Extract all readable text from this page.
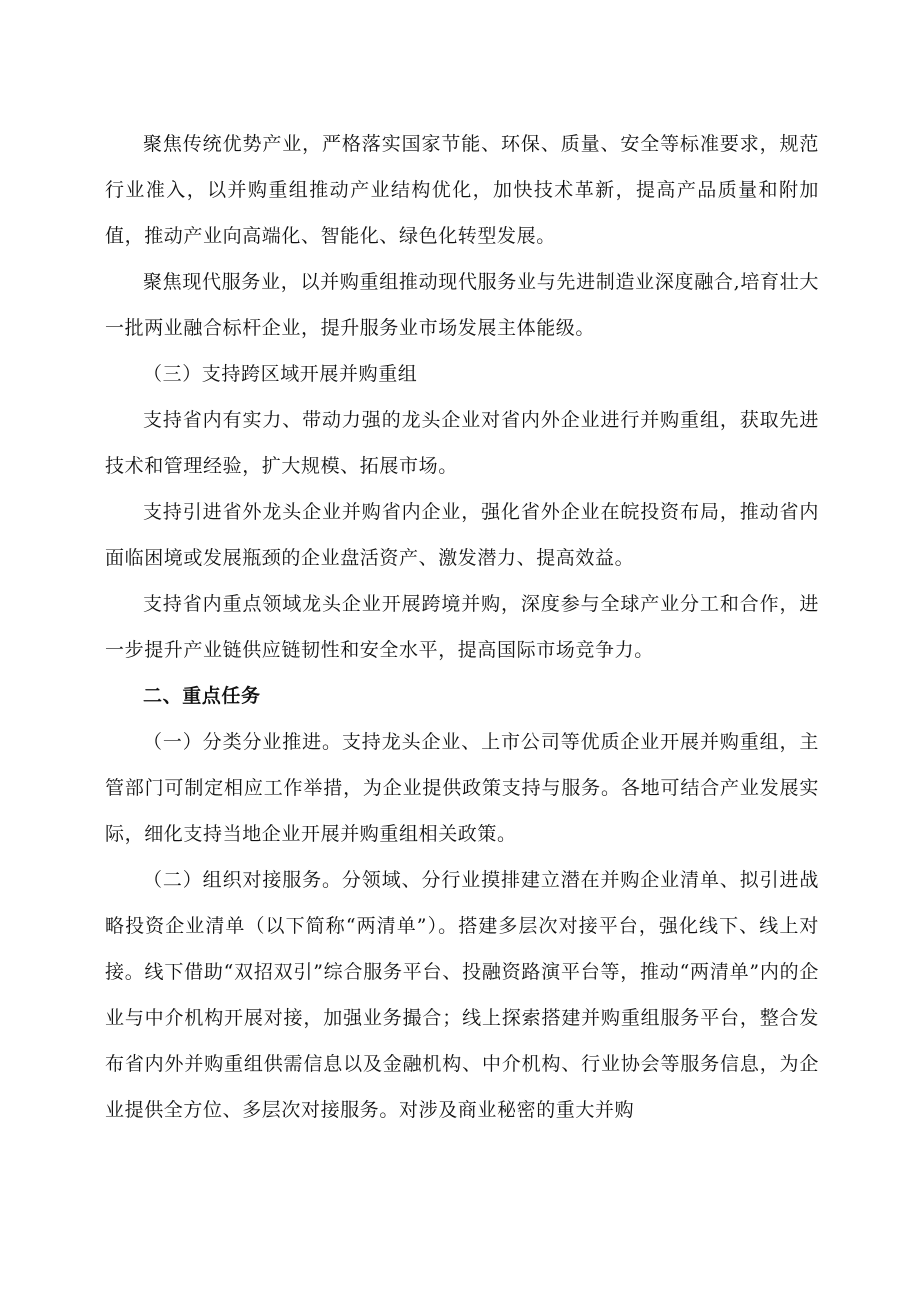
聚焦传统优势产业，严格落实国家节能、环保、质量、安全等标准要求，规范行业准入，以并购重组推动产业结构优化，加快技术革新，提高产品质量和附加值，推动产业向高端化、智能化、绿色化转型发展。

聚焦现代服务业，以并购重组推动现代服务业与先进制造业深度融合,培育壮大一批两业融合标杆企业，提升服务业市场发展主体能级。

（三）支持跨区域开展并购重组

支持省内有实力、带动力强的龙头企业对省内外企业进行并购重组，获取先进技术和管理经验，扩大规模、拓展市场。

支持引进省外龙头企业并购省内企业，强化省外企业在皖投资布局，推动省内面临困境或发展瓶颈的企业盘活资产、激发潜力、提高效益。

支持省内重点领域龙头企业开展跨境并购，深度参与全球产业分工和合作，进一步提升产业链供应链韧性和安全水平，提高国际市场竞争力。

二、重点任务

（一）分类分业推进。支持龙头企业、上市公司等优质企业开展并购重组，主管部门可制定相应工作举措，为企业提供政策支持与服务。各地可结合产业发展实际，细化支持当地企业开展并购重组相关政策。

（二）组织对接服务。分领域、分行业摸排建立潜在并购企业清单、拟引进战略投资企业清单（以下简称“两清单”）。搭建多层次对接平台，强化线下、线上对接。线下借助“双招双引”综合服务平台、投融资路演平台等，推动“两清单”内的企业与中介机构开展对接，加强业务撮合；线上探索搭建并购重组服务平台，整合发布省内外并购重组供需信息以及金融机构、中介机构、行业协会等服务信息，为企业提供全方位、多层次对接服务。对涉及商业秘密的重大并购
